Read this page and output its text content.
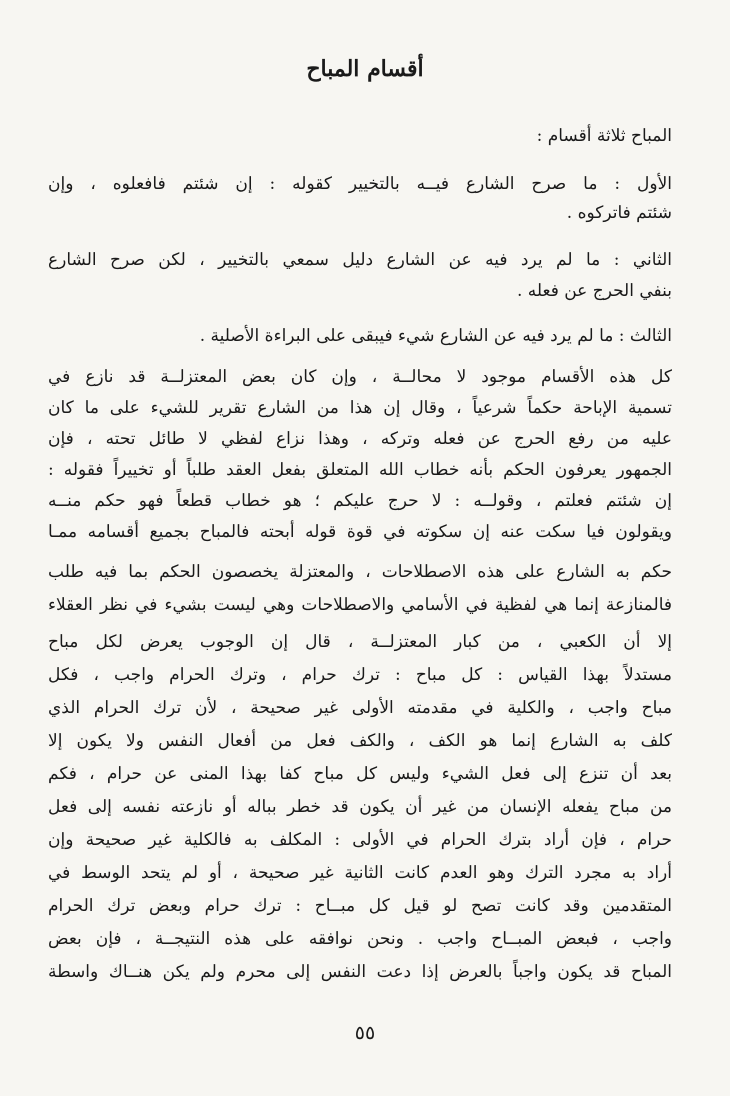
أقسام المباح
المباح ثلاثة أقسام :
الأول : ما صرح الشارع فيــه بالتخيير كقوله : إن شئتم فافعلوه ، وإن
شئتم فاتركوه .
الثاني : ما لم يرد فيه عن الشارع دليل سمعي بالتخيير ، لكن صرح الشارع
بنفي الحرج عن فعله .
الثالث : ما لم يرد فيه عن الشارع شيء فيبقى على البراءة الأصلية .
كل هذه الأقسام موجود لا محالــة ، وإن كان بعض المعتزلــة قد نازع في
تسمية الإباحة حكماً شرعياً ، وقال إن هذا من الشارع تقرير للشيء على ما كان
عليه من رفع الحرج عن فعله وتركه ، وهذا نزاع لفظي لا طائل تحته ، فإن
الجمهور يعرفون الحكم بأنه خطاب الله المتعلق بفعل العقد طلباً أو تخييراً فقوله :
إن شئتم فعلتم ، وقولــه : لا حرج عليكم ؛ هو خطاب قطعاً فهو حكم منــه
ويقولون فيا سكت عنه إن سكوته في قوة قوله أبحته فالمباح بجميع أقسامه ممـا
حكم به الشارع على هذه الاصطلاحات ، والمعتزلة يخصصون الحكم بما فيه طلب
فالمنازعة إنما هي لفظية في الأسامي والاصطلاحات وهي ليست بشيء في نظر العقلاء
إلا أن الكعبي ، من كبار المعتزلــة ، قال إن الوجوب يعرض لكل مباح
مستدلاً بهذا القياس : كل مباح : ترك حرام ، وترك الحرام واجب ، فكل
مباح واجب ، والكلية في مقدمته الأولى غير صحيحة ، لأن ترك الحرام الذي
كلف به الشارع إنما هو الكف ، والكف فعل من أفعال النفس ولا يكون إلا
بعد أن تنزع إلى فعل الشيء وليس كل مباح كفا بهذا المنى عن حرام ، فكم
من مباح يفعله الإنسان من غير أن يكون قد خطر بباله أو نازعته نفسه إلى فعل
حرام ، فإن أراد بترك الحرام في الأولى : المكلف به فالكلية غير صحيحة وإن
أراد به مجرد الترك وهو العدم كانت الثانية غير صحيحة ، أو لم يتحد الوسط في
المتقدمين وقد كانت تصح لو قيل كل مبــاح : ترك حرام وبعض ترك الحرام
واجب ، فبعض المبــاح واجب . ونحن نوافقه على هذه النتيجــة ، فإن بعض
المباح قد يكون واجباً بالعرض إذا دعت النفس إلى محرم ولم يكن هنــاك واسطة
٥٥
